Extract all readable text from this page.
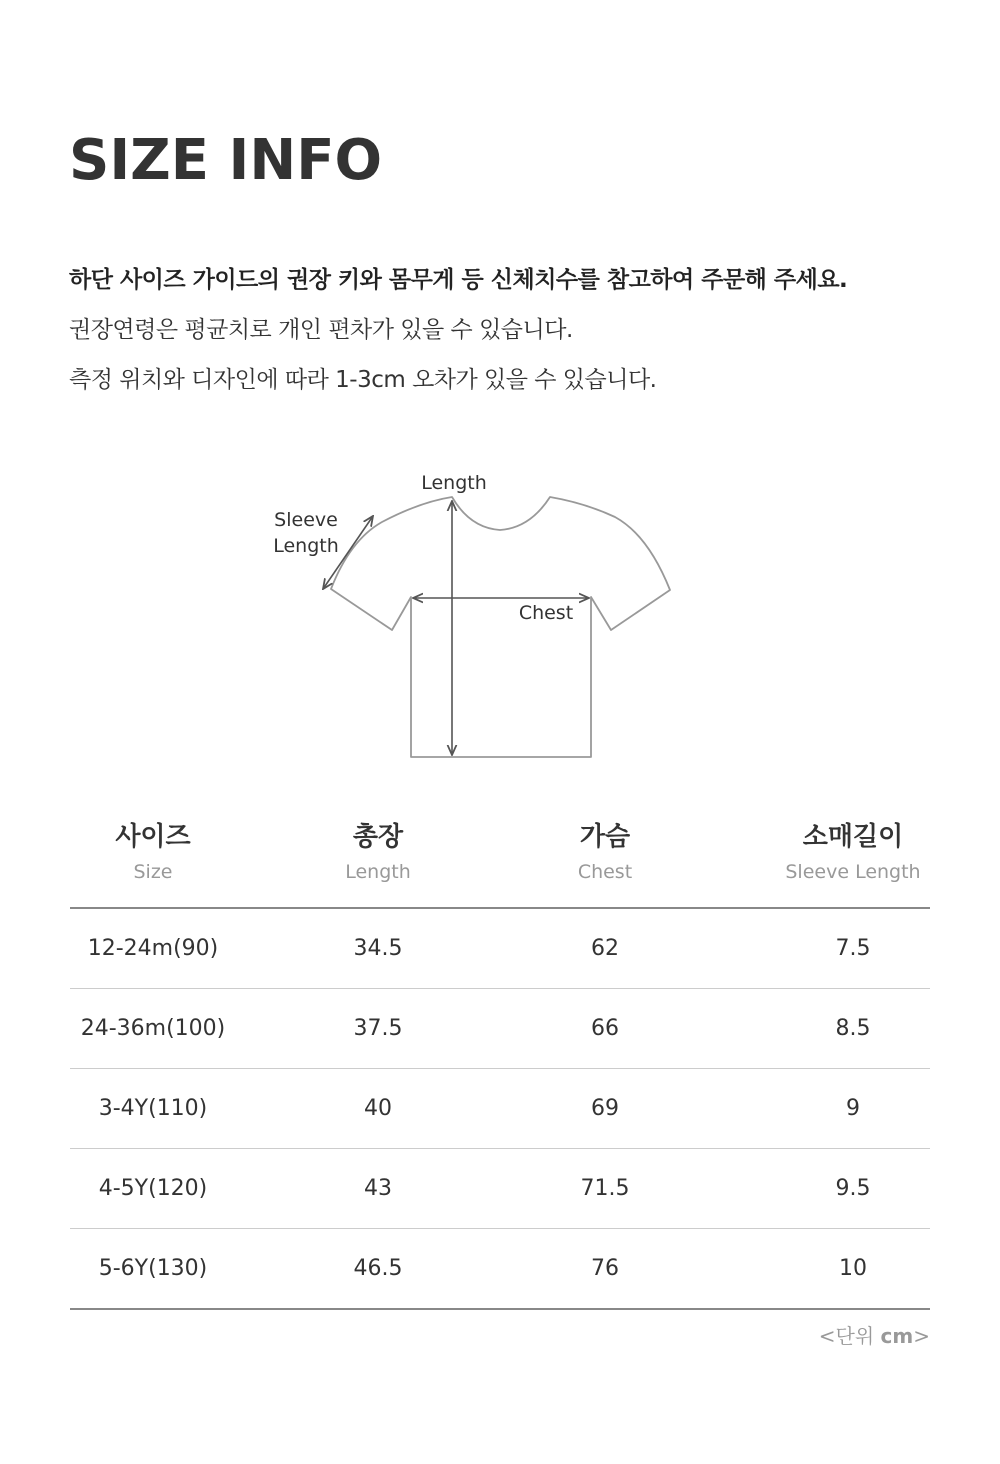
SIZE INFO
하단 사이즈 가이드의 권장 키와 몸무게 등 신체치수를 참고하여 주문해 주세요.
권장연령은 평균치로 개인 편차가 있을 수 있습니다.
측정 위치와 디자인에 따라 1-3cm 오차가 있을 수 있습니다.
Length
Sleeve
Length
Chest
사이즈
Size
총장
Length
가슴
Chest
소매길이
Sleeve Length
12-24m(90)	34.5	62	7.5
24-36m(100)	37.5	66	8.5
3-4Y(110)	40	69	9
4-5Y(120)	43	71.5	9.5
5-6Y(130)	46.5	76	10
<단위 cm>
